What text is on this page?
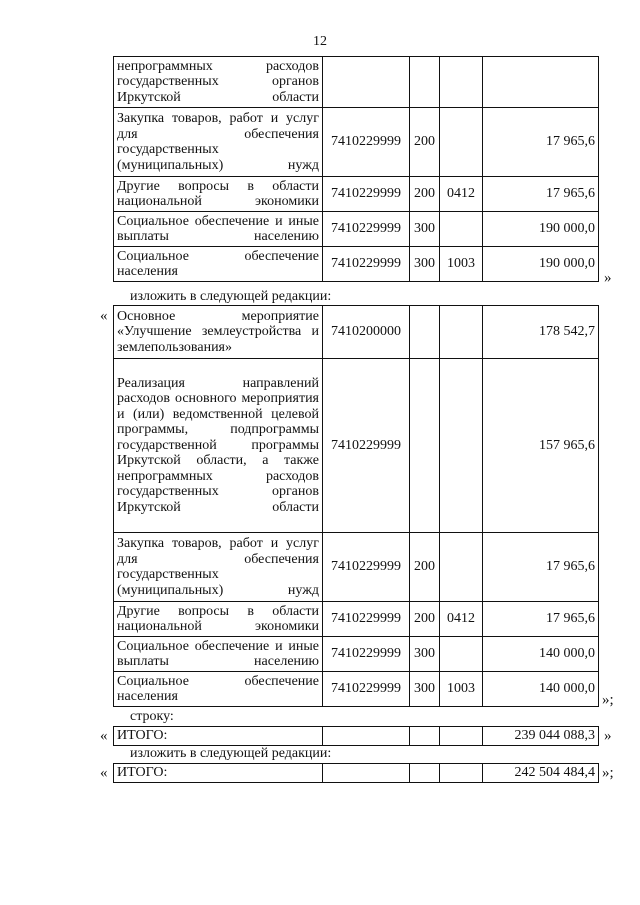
12
непрограммных расходов государственных органов Иркутской области				
Закупка товаров, работ и услуг для обеспечения государственных (муниципальных) нужд	7410229999	200		17 965,6
Другие вопросы в области национальной экономики	7410229999	200	0412	17 965,6
Социальное обеспечение и иные выплаты населению	7410229999	300		190 000,0
Социальное обеспечение населения	7410229999	300	1003	190 000,0
»
изложить в следующей редакции:
« Основное мероприятие «Улучшение землеустройства и землепользования»	7410200000			178 542,7
Реализация направлений расходов основного мероприятия и (или) ведомственной целевой программы, подпрограммы государственной программы Иркутской области, а также непрограммных расходов государственных органов Иркутской области	7410229999			157 965,6
Закупка товаров, работ и услуг для обеспечения государственных (муниципальных) нужд	7410229999	200		17 965,6
Другие вопросы в области национальной экономики	7410229999	200	0412	17 965,6
Социальное обеспечение и иные выплаты населению	7410229999	300		140 000,0
Социальное обеспечение населения	7410229999	300	1003	140 000,0
»;
строку:
« ИТОГО:				239 044 088,3 »
изложить в следующей редакции:
« ИТОГО:				242 504 484,4 »;
